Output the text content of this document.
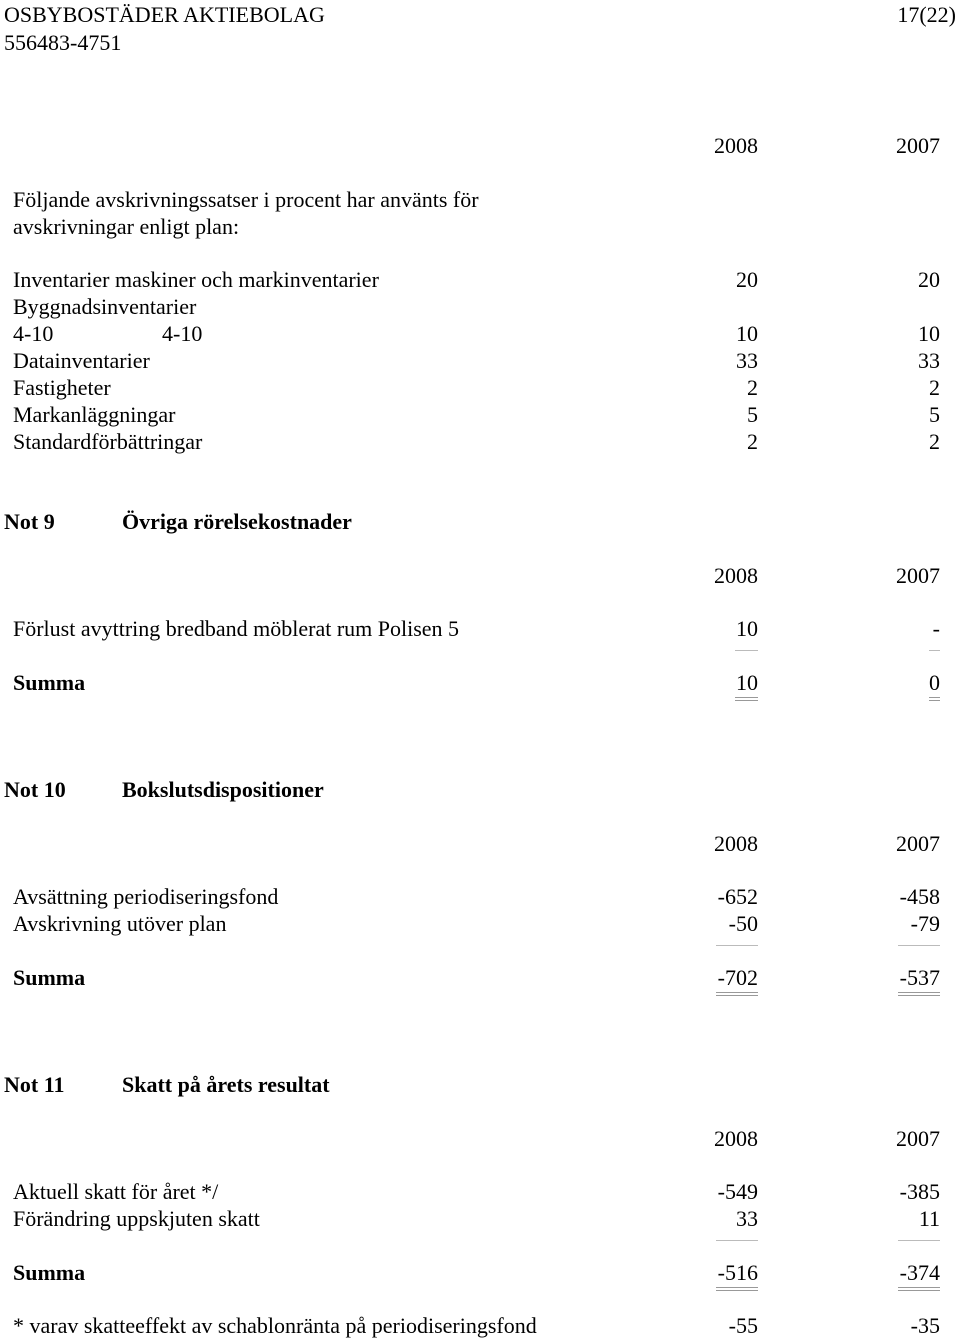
OSBYBOSTÄDER AKTIEBOLAG
556483-4751
17(22)
2008	2007
Följande avskrivningssatser i procent har använts för
avskrivningar enligt plan:
Inventarier maskiner och markinventarier	20	20
Byggnadsinventarier
4-10	4-10	10	10
Datainventarier	33	33
Fastigheter	2	2
Markanläggningar	5	5
Standardförbättringar	2	2
Not 9	Övriga rörelsekostnader
2008	2007
Förlust avyttring bredband möblerat rum Polisen 5	10	-
Summa	10	0
Not 10	Bokslutsdispositioner
2008	2007
Avsättning periodiseringsfond	-652	-458
Avskrivning utöver plan	-50	-79
Summa	-702	-537
Not 11	Skatt på årets resultat
2008	2007
Aktuell skatt för året */	-549	-385
Förändring uppskjuten skatt	33	11
Summa	-516	-374
* varav skatteeffekt av schablonränta på periodiseringsfond	-55	-35
